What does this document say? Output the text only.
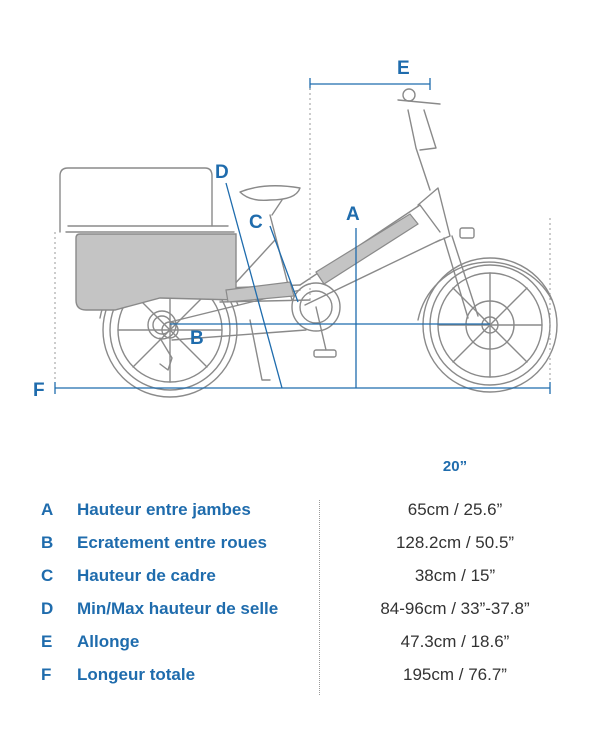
A
B
C
D
E
F
20”
A	Hauteur entre jambes	65cm / 25.6”
B	Ecratement entre roues	128.2cm / 50.5”
C	Hauteur de cadre	38cm / 15”
D	Min/Max hauteur de selle	84-96cm / 33”-37.8”
E	Allonge	47.3cm / 18.6”
F	Longeur totale	195cm / 76.7”
